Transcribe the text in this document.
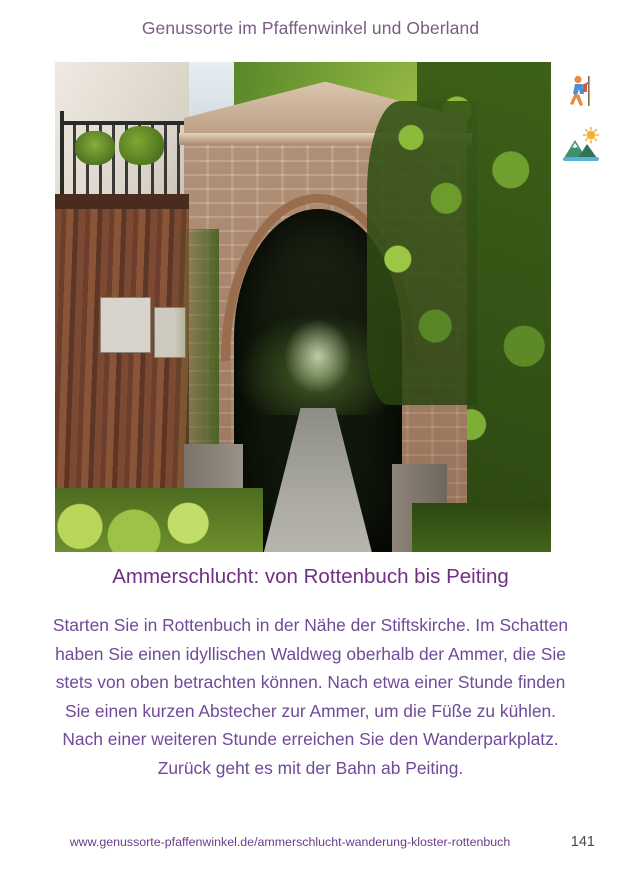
Genussorte im Pfaffenwinkel und Oberland
Ammerschlucht: von Rottenbuch bis Peiting
Starten Sie in Rottenbuch in der Nähe der Stiftskirche. Im Schatten haben Sie einen idyllischen Waldweg oberhalb der Ammer, die Sie stets von oben betrachten können. Nach etwa einer Stunde finden Sie einen kurzen Abstecher zur Ammer, um die Füße zu kühlen. Nach einer weiteren Stunde erreichen Sie den Wanderparkplatz. Zurück geht es mit der Bahn ab Peiting.
www.genussorte-pfaffenwinkel.de/ammerschlucht-wanderung-kloster-rottenbuch	141
